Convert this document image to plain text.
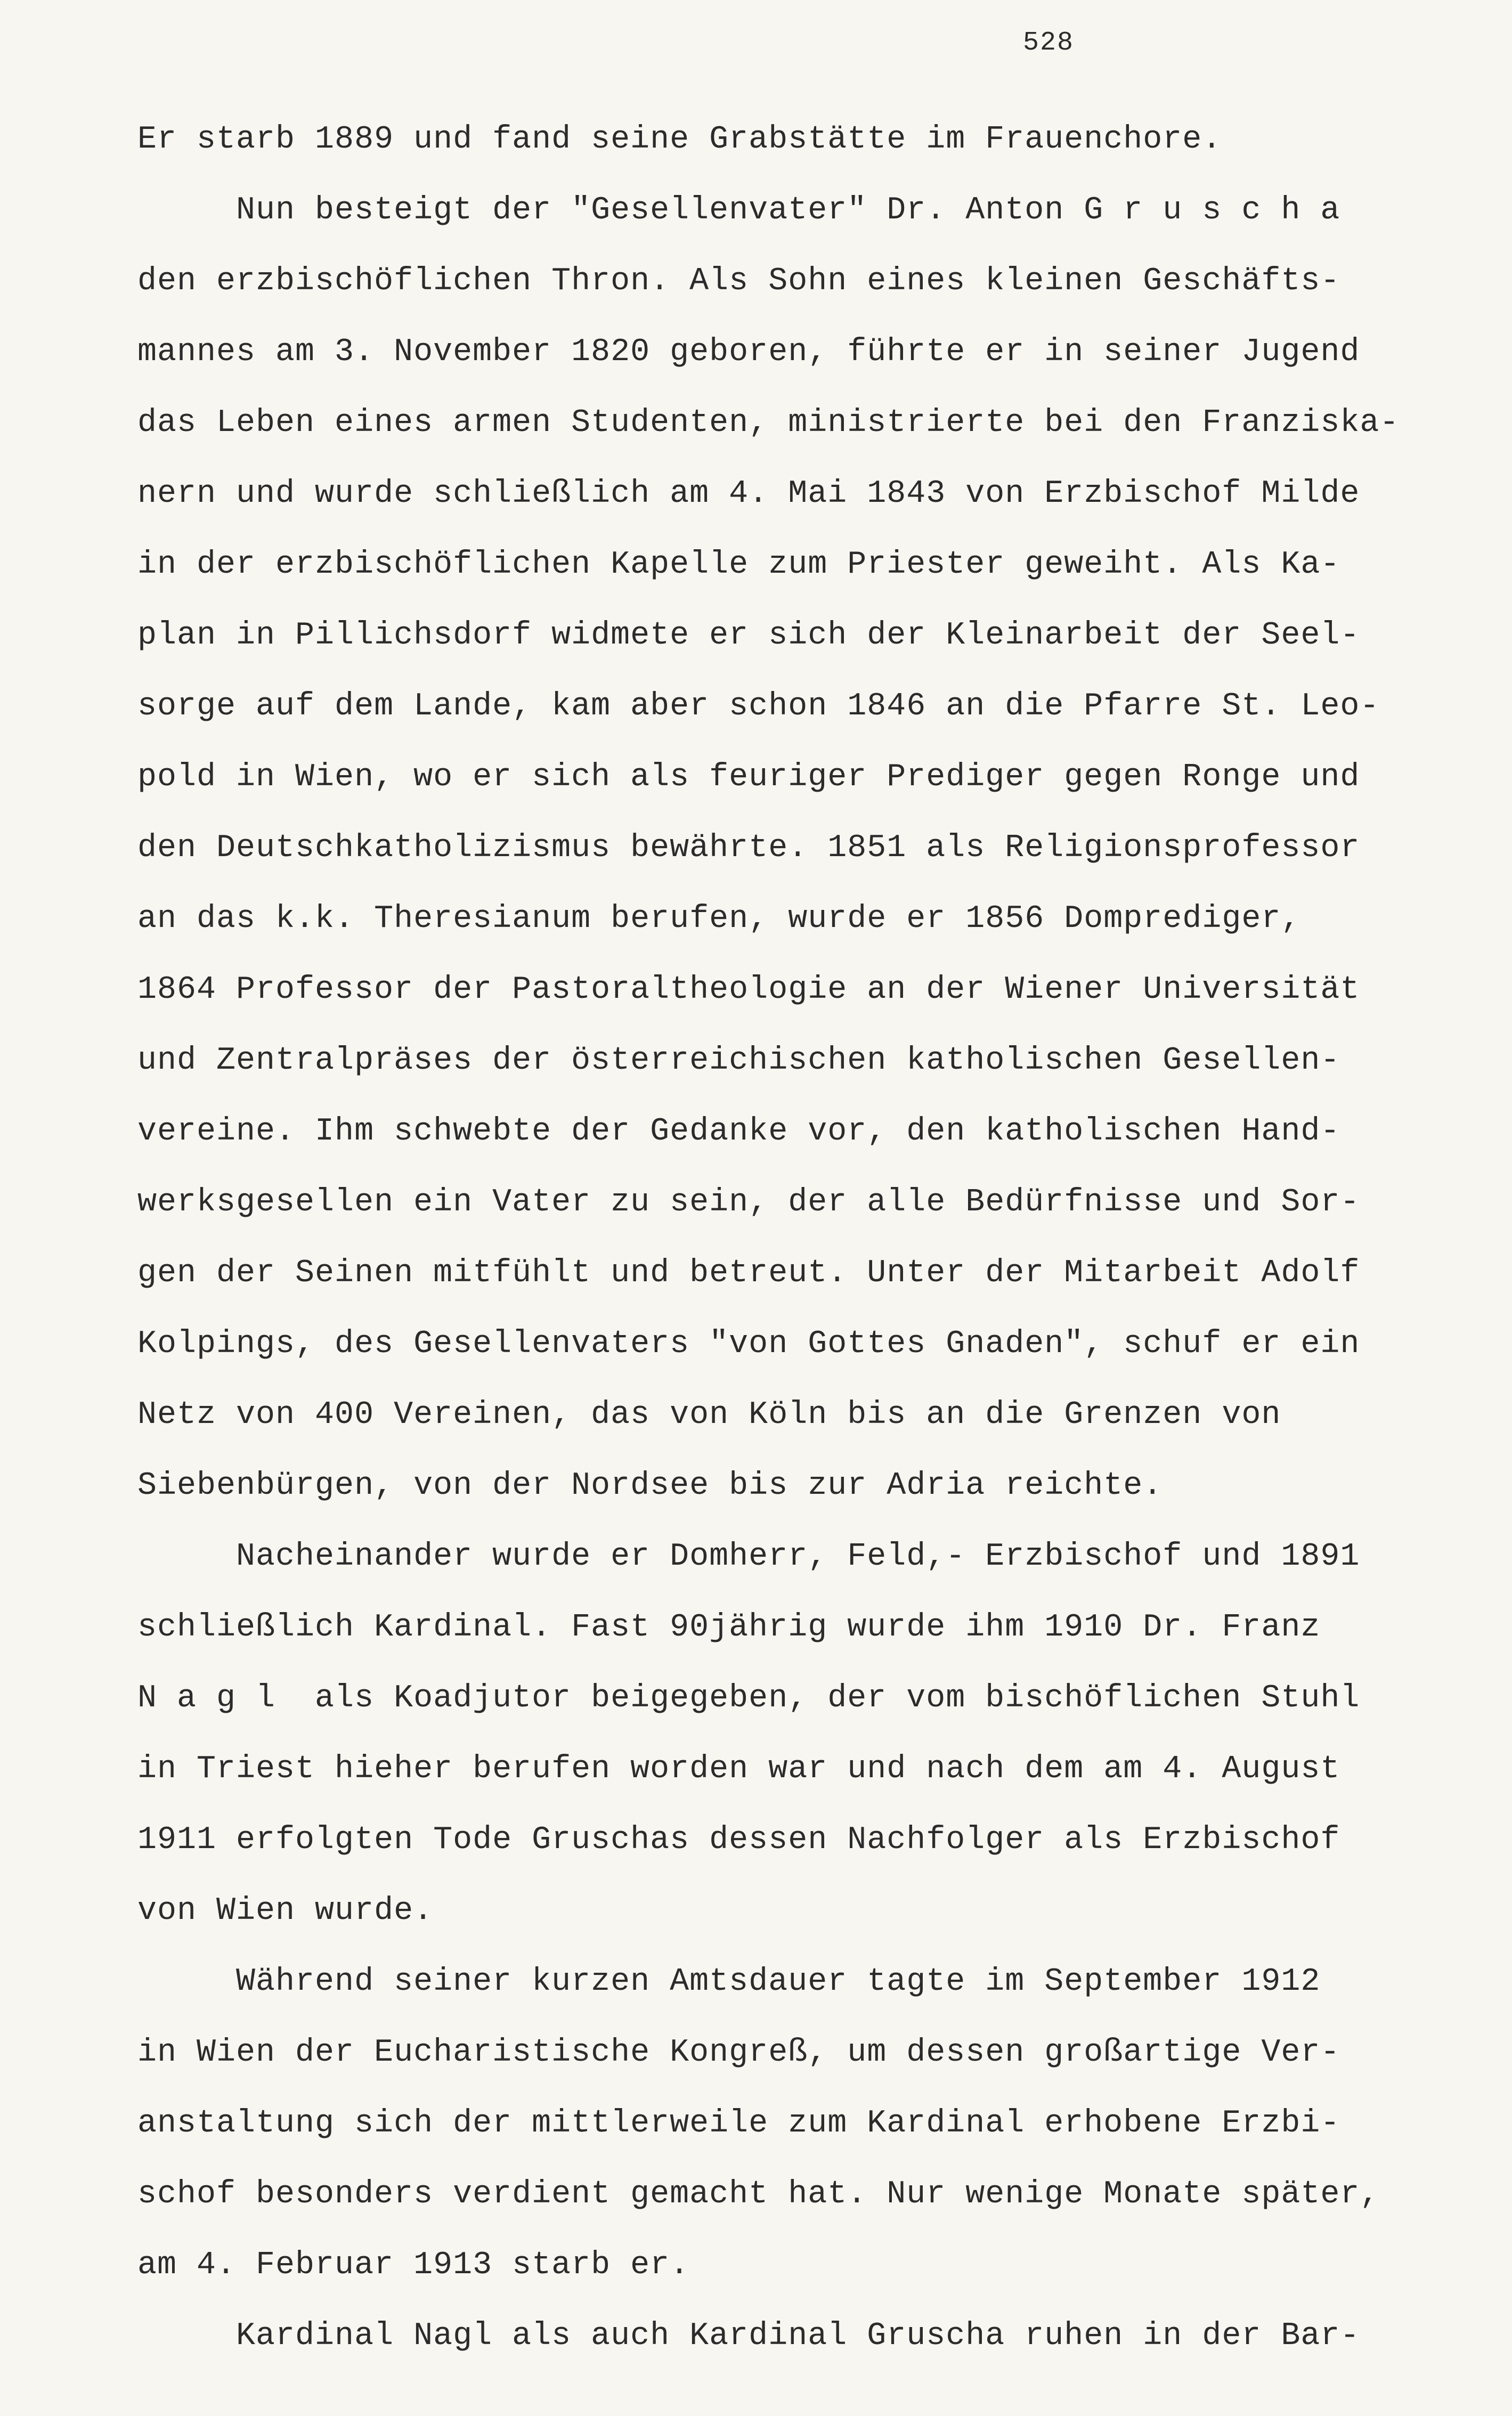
528
Er starb 1889 und fand seine Grabstätte im Frauenchore.
Nun besteigt der "Gesellenvater" Dr. Anton G r u s c h a
den erzbischöflichen Thron. Als Sohn eines kleinen Geschäfts-
mannes am 3. November 1820 geboren, führte er in seiner Jugend
das Leben eines armen Studenten, ministrierte bei den Franziska-
nern und wurde schließlich am 4. Mai 1843 von Erzbischof Milde
in der erzbischöflichen Kapelle zum Priester geweiht. Als Ka-
plan in Pillichsdorf widmete er sich der Kleinarbeit der Seel-
sorge auf dem Lande, kam aber schon 1846 an die Pfarre St. Leo-
pold in Wien, wo er sich als feuriger Prediger gegen Ronge und
den Deutschkatholizismus bewährte. 1851 als Religionsprofessor
an das k.k. Theresianum berufen, wurde er 1856 Domprediger,
1864 Professor der Pastoraltheologie an der Wiener Universität
und Zentralpräses der österreichischen katholischen Gesellen-
vereine. Ihm schwebte der Gedanke vor, den katholischen Hand-
werksgesellen ein Vater zu sein, der alle Bedürfnisse und Sor-
gen der Seinen mitfühlt und betreut. Unter der Mitarbeit Adolf
Kolpings, des Gesellenvaters "von Gottes Gnaden", schuf er ein
Netz von 400 Vereinen, das von Köln bis an die Grenzen von
Siebenbürgen, von der Nordsee bis zur Adria reichte.
Nacheinander wurde er Domherr, Feld,- Erzbischof und 1891
schließlich Kardinal. Fast 90jährig wurde ihm 1910 Dr. Franz
N a g l  als Koadjutor beigegeben, der vom bischöflichen Stuhl
in Triest hieher berufen worden war und nach dem am 4. August
1911 erfolgten Tode Gruschas dessen Nachfolger als Erzbischof
von Wien wurde.
Während seiner kurzen Amtsdauer tagte im September 1912
in Wien der Eucharistische Kongreß, um dessen großartige Ver-
anstaltung sich der mittlerweile zum Kardinal erhobene Erzbi-
schof besonders verdient gemacht hat. Nur wenige Monate später,
am 4. Februar 1913 starb er.
Kardinal Nagl als auch Kardinal Gruscha ruhen in der Bar-
